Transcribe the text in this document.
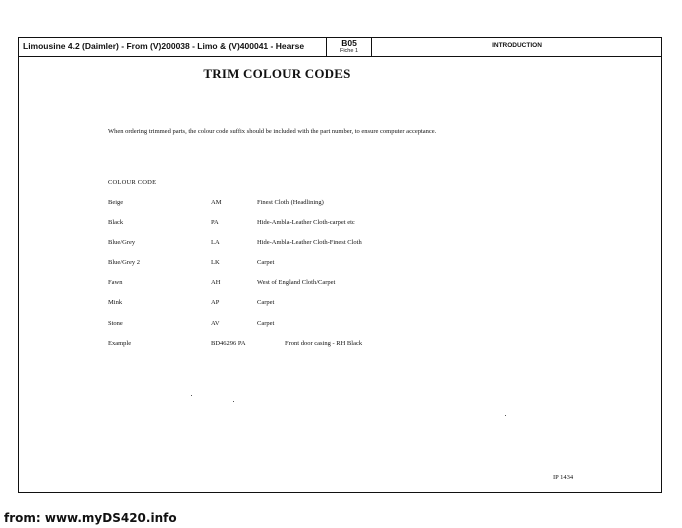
Limousine 4.2 (Daimler) - From (V)200038 - Limo & (V)400041 - Hearse	B05
Fiche 1
INTRODUCTION
TRIM COLOUR CODES
When ordering trimmed parts, the colour code suffix should be included with the part number, to ensure computer acceptance.
COLOUR CODE
Beige	AM	Finest Cloth (Headlining)
Black	PA	Hide-Ambla-Leather Cloth-carpet etc
Blue/Grey	LA	Hide-Ambla-Leather Cloth-Finest Cloth
Blue/Grey 2	LK	Carpet
Fawn	AH	West of England Cloth/Carpet
Mink	AP	Carpet
Stone	AV	Carpet
Example	BD46296 PA	Front door casing - RH Black
IP 1434
from: www.myDS420.info
